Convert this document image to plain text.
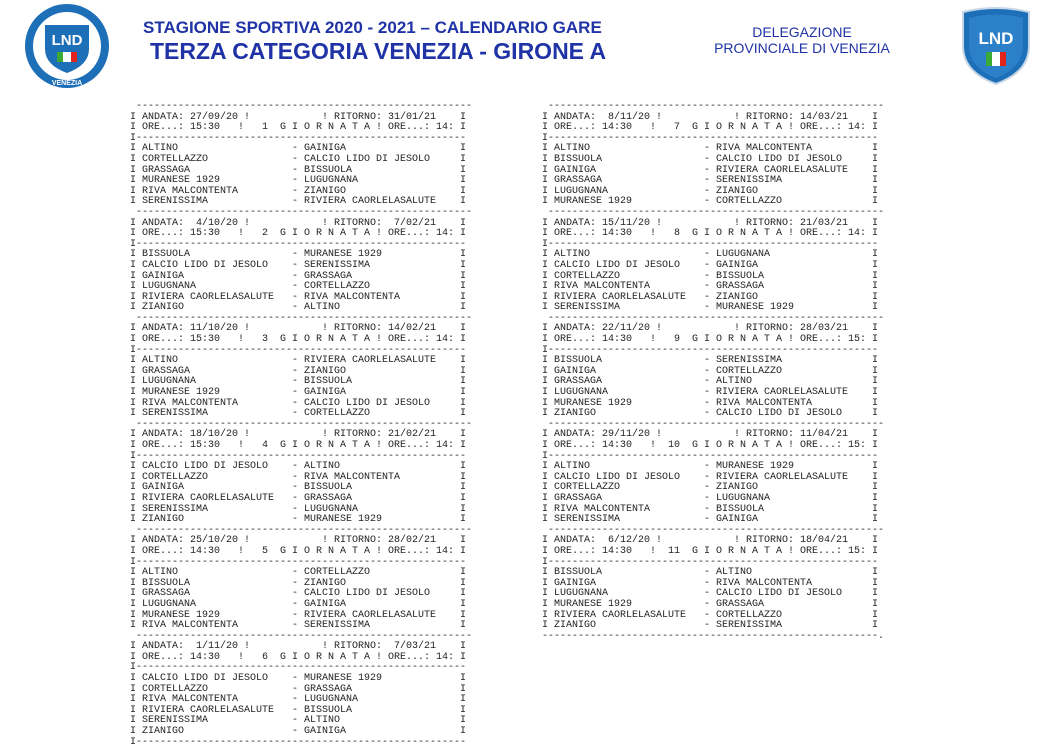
LND
VENEZIA
STAGIONE SPORTIVA 2020 - 2021 – CALENDARIO GARE
TERZA CATEGORIA VENEZIA - GIRONE A
DELEGAZIONE
PROVINCIALE DI VENEZIA	LND
--------------------------------------------------------
I ANDATA: 27/09/20 !            ! RITORNO: 31/01/21    I
I ORE...: 15:30   !   1  G I O R N A T A ! ORE...: 14: I
I-------------------------------------------------------
I ALTINO                   - GAINIGA                   I
I CORTELLAZZO              - CALCIO LIDO DI JESOLO     I
I GRASSAGA                 - BISSUOLA                  I
I MURANESE 1929            - LUGUGNANA                 I
I RIVA MALCONTENTA         - ZIANIGO                   I
I SERENISSIMA              - RIVIERA CAORLELASALUTE    I
--------------------------------------------------------
I ANDATA:  4/10/20 !            ! RITORNO:  7/02/21    I
I ORE...: 15:30   !   2  G I O R N A T A ! ORE...: 14: I
I-------------------------------------------------------
I BISSUOLA                 - MURANESE 1929             I
I CALCIO LIDO DI JESOLO    - SERENISSIMA               I
I GAINIGA                  - GRASSAGA                  I
I LUGUGNANA                - CORTELLAZZO               I
I RIVIERA CAORLELASALUTE   - RIVA MALCONTENTA          I
I ZIANIGO                  - ALTINO                    I
--------------------------------------------------------
I ANDATA: 11/10/20 !            ! RITORNO: 14/02/21    I
I ORE...: 15:30   !   3  G I O R N A T A ! ORE...: 14: I
I-------------------------------------------------------
I ALTINO                   - RIVIERA CAORLELASALUTE    I
I GRASSAGA                 - ZIANIGO                   I
I LUGUGNANA                - BISSUOLA                  I
I MURANESE 1929            - GAINIGA                   I
I RIVA MALCONTENTA         - CALCIO LIDO DI JESOLO     I
I SERENISSIMA              - CORTELLAZZO               I
--------------------------------------------------------
I ANDATA: 18/10/20 !            ! RITORNO: 21/02/21    I
I ORE...: 15:30   !   4  G I O R N A T A ! ORE...: 14: I
I-------------------------------------------------------
I CALCIO LIDO DI JESOLO    - ALTINO                    I
I CORTELLAZZO              - RIVA MALCONTENTA          I
I GAINIGA                  - BISSUOLA                  I
I RIVIERA CAORLELASALUTE   - GRASSAGA                  I
I SERENISSIMA              - LUGUGNANA                 I
I ZIANIGO                  - MURANESE 1929             I
--------------------------------------------------------
I ANDATA: 25/10/20 !            ! RITORNO: 28/02/21    I
I ORE...: 14:30   !   5  G I O R N A T A ! ORE...: 14: I
I-------------------------------------------------------
I ALTINO                   - CORTELLAZZO               I
I BISSUOLA                 - ZIANIGO                   I
I GRASSAGA                 - CALCIO LIDO DI JESOLO     I
I LUGUGNANA                - GAINIGA                   I
I MURANESE 1929            - RIVIERA CAORLELASALUTE    I
I RIVA MALCONTENTA         - SERENISSIMA               I
--------------------------------------------------------
I ANDATA:  1/11/20 !            ! RITORNO:  7/03/21    I
I ORE...: 14:30   !   6  G I O R N A T A ! ORE...: 14: I
I-------------------------------------------------------
I CALCIO LIDO DI JESOLO    - MURANESE 1929             I
I CORTELLAZZO              - GRASSAGA                  I
I RIVA MALCONTENTA         - LUGUGNANA                 I
I RIVIERA CAORLELASALUTE   - BISSUOLA                  I
I SERENISSIMA              - ALTINO                    I
I ZIANIGO                  - GAINIGA                   I
I-------------------------------------------------------
--------------------------------------------------------
I ANDATA:  8/11/20 !            ! RITORNO: 14/03/21    I
I ORE...: 14:30   !   7  G I O R N A T A ! ORE...: 14: I
I-------------------------------------------------------
I ALTINO                   - RIVA MALCONTENTA          I
I BISSUOLA                 - CALCIO LIDO DI JESOLO     I
I GAINIGA                  - RIVIERA CAORLELASALUTE    I
I GRASSAGA                 - SERENISSIMA               I
I LUGUGNANA                - ZIANIGO                   I
I MURANESE 1929            - CORTELLAZZO               I
--------------------------------------------------------
I ANDATA: 15/11/20 !            ! RITORNO: 21/03/21    I
I ORE...: 14:30   !   8  G I O R N A T A ! ORE...: 14: I
I-------------------------------------------------------
I ALTINO                   - LUGUGNANA                 I
I CALCIO LIDO DI JESOLO    - GAINIGA                   I
I CORTELLAZZO              - BISSUOLA                  I
I RIVA MALCONTENTA         - GRASSAGA                  I
I RIVIERA CAORLELASALUTE   - ZIANIGO                   I
I SERENISSIMA              - MURANESE 1929             I
--------------------------------------------------------
I ANDATA: 22/11/20 !            ! RITORNO: 28/03/21    I
I ORE...: 14:30   !   9  G I O R N A T A ! ORE...: 15: I
I-------------------------------------------------------
I BISSUOLA                 - SERENISSIMA               I
I GAINIGA                  - CORTELLAZZO               I
I GRASSAGA                 - ALTINO                    I
I LUGUGNANA                - RIVIERA CAORLELASALUTE    I
I MURANESE 1929            - RIVA MALCONTENTA          I
I ZIANIGO                  - CALCIO LIDO DI JESOLO     I
--------------------------------------------------------
I ANDATA: 29/11/20 !            ! RITORNO: 11/04/21    I
I ORE...: 14:30   !  10  G I O R N A T A ! ORE...: 15: I
I-------------------------------------------------------
I ALTINO                   - MURANESE 1929             I
I CALCIO LIDO DI JESOLO    - RIVIERA CAORLELASALUTE    I
I CORTELLAZZO              - ZIANIGO                   I
I GRASSAGA                 - LUGUGNANA                 I
I RIVA MALCONTENTA         - BISSUOLA                  I
I SERENISSIMA              - GAINIGA                   I
--------------------------------------------------------
I ANDATA:  6/12/20 !            ! RITORNO: 18/04/21    I
I ORE...: 14:30   !  11  G I O R N A T A ! ORE...: 15: I
I-------------------------------------------------------
I BISSUOLA                 - ALTINO                    I
I GAINIGA                  - RIVA MALCONTENTA          I
I LUGUGNANA                - CALCIO LIDO DI JESOLO     I
I MURANESE 1929            - GRASSAGA                  I
I RIVIERA CAORLELASALUTE   - CORTELLAZZO               I
I ZIANIGO                  - SERENISSIMA               I
--------------------------------------------------------.
